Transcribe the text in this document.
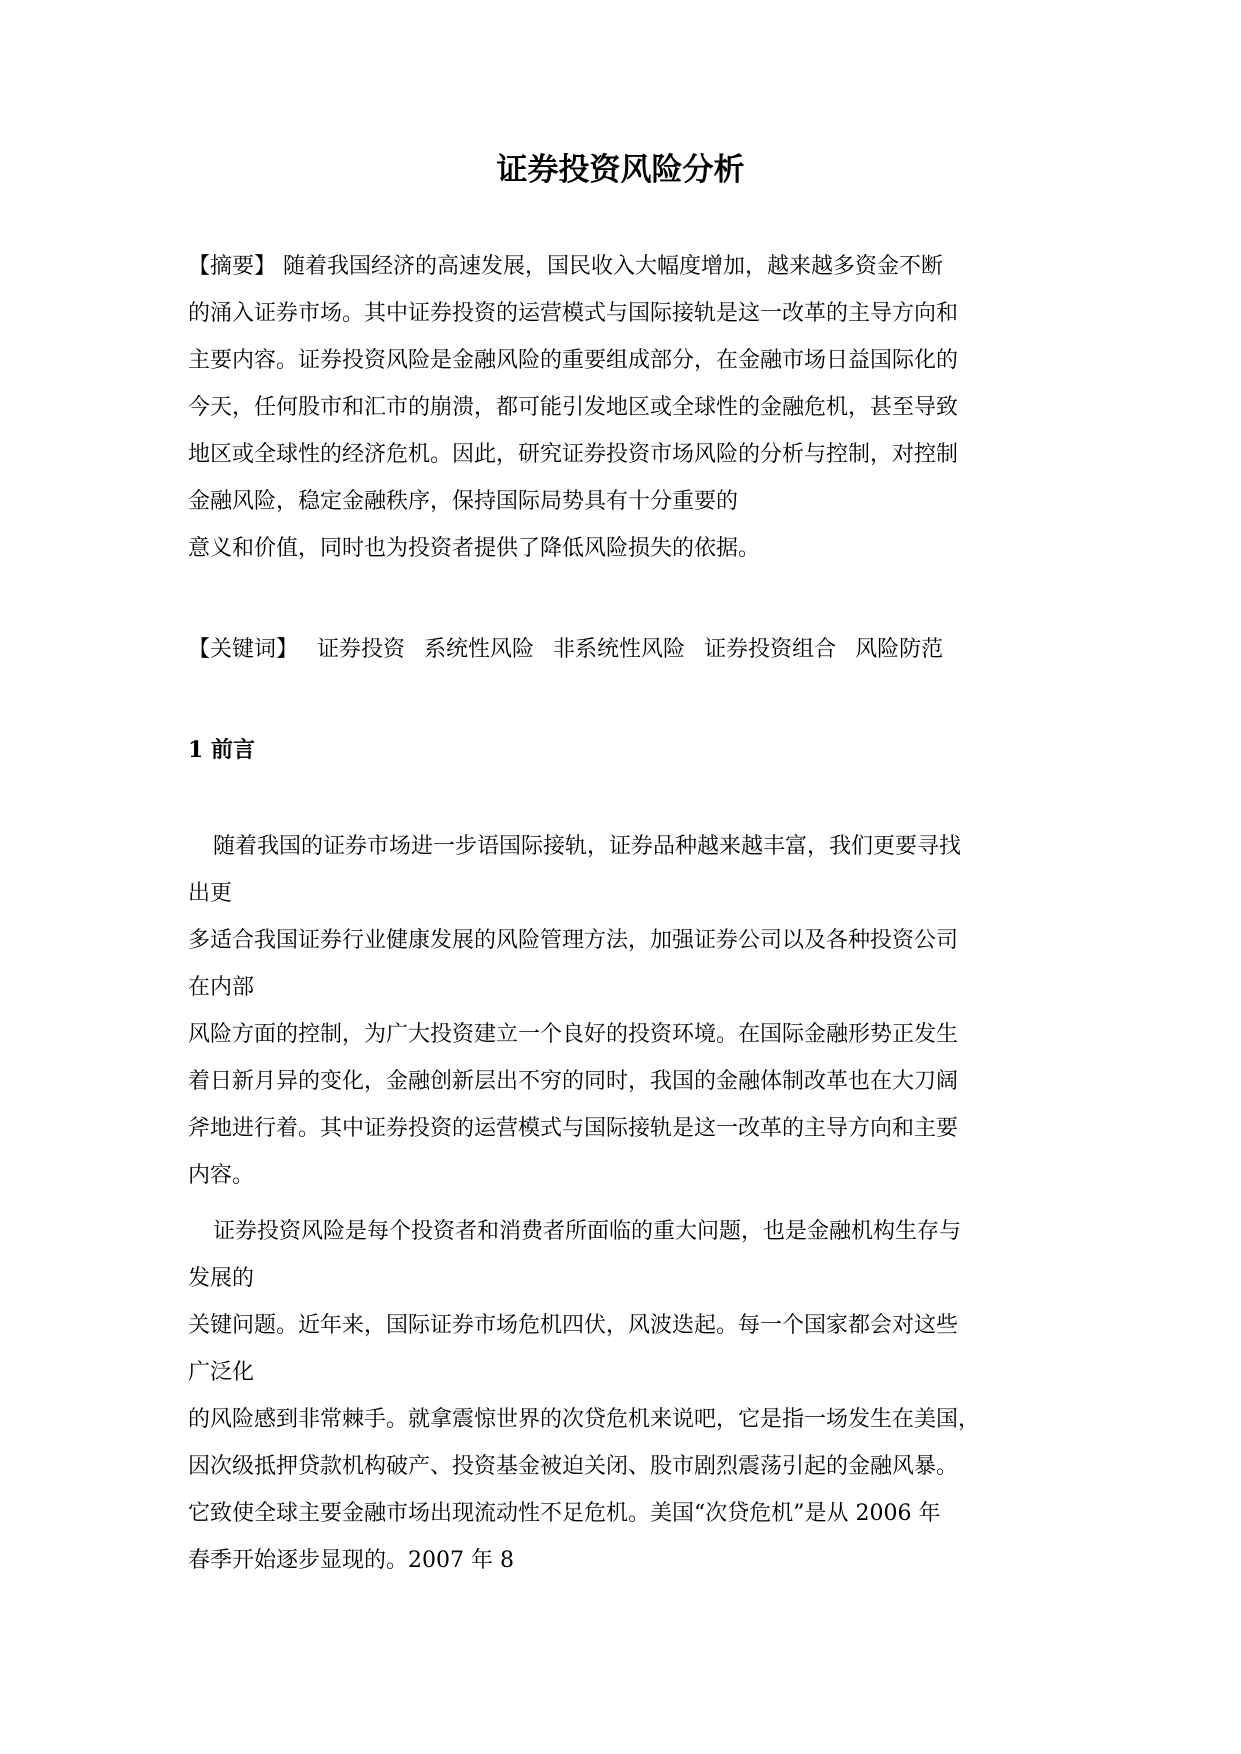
证券投资风险分析
【摘要】 随着我国经济的高速发展，国民收入大幅度增加，越来越多资金不断
的涌入证券市场。其中证券投资的运营模式与国际接轨是这一改革的主导方向和
主要内容。证券投资风险是金融风险的重要组成部分，在金融市场日益国际化的
今天，任何股市和汇市的崩溃，都可能引发地区或全球性的金融危机，甚至导致
地区或全球性的经济危机。因此，研究证券投资市场风险的分析与控制，对控制
金融风险，稳定金融秩序，保持国际局势具有十分重要的
意义和价值，同时也为投资者提供了降低风险损失的依据。
【关键词】 证券投资 系统性风险 非系统性风险 证券投资组合 风险防范
1 前言
随着我国的证券市场进一步语国际接轨，证券品种越来越丰富，我们更要寻找
出更
多适合我国证券行业健康发展的风险管理方法，加强证券公司以及各种投资公司
在内部
风险方面的控制，为广大投资建立一个良好的投资环境。在国际金融形势正发生
着日新月异的变化，金融创新层出不穷的同时，我国的金融体制改革也在大刀阔
斧地进行着。其中证券投资的运营模式与国际接轨是这一改革的主导方向和主要
内容。
证券投资风险是每个投资者和消费者所面临的重大问题，也是金融机构生存与
发展的
关键问题。近年来，国际证券市场危机四伏，风波迭起。每一个国家都会对这些
广泛化
的风险感到非常棘手。就拿震惊世界的次贷危机来说吧，它是指一场发生在美国，
因次级抵押贷款机构破产、投资基金被迫关闭、股市剧烈震荡引起的金融风暴。
它致使全球主要金融市场出现流动性不足危机。美国“次贷危机”是从 2006 年
春季开始逐步显现的。2007 年 8
